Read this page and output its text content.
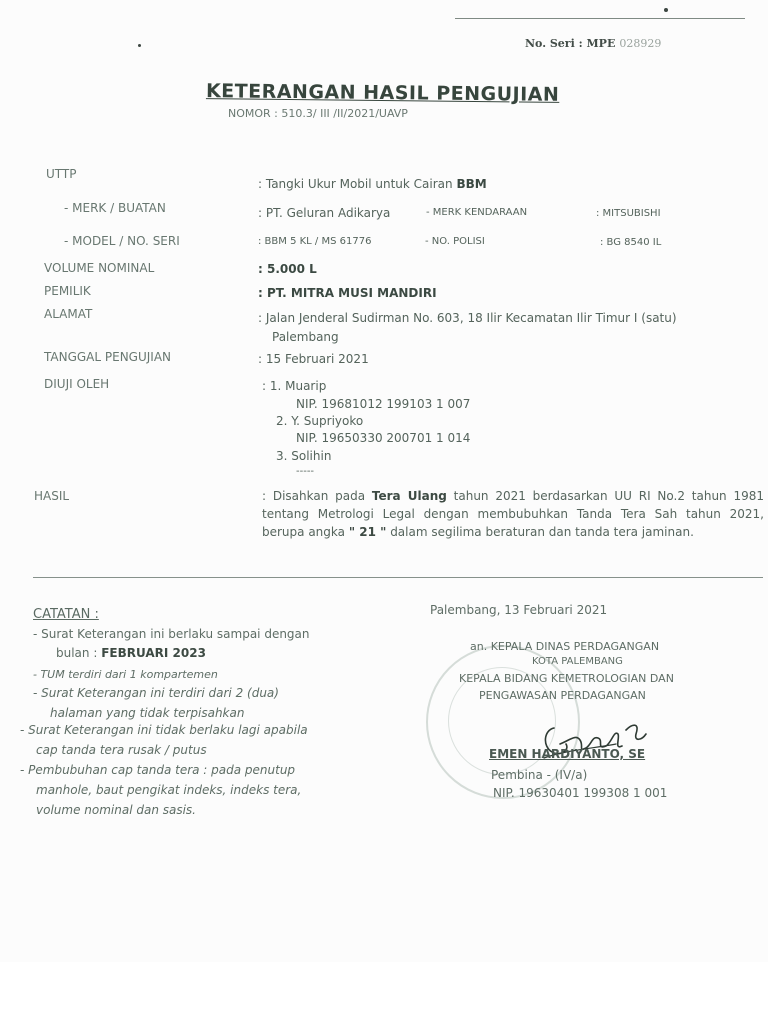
No. Seri : MPE 028929
KETERANGAN HASIL PENGUJIAN
NOMOR : 510.3/ III /II/2021/UAVP
UTTP
: Tangki Ukur Mobil untuk Cairan BBM
- MERK / BUATAN	: PT. Geluran Adikarya	- MERK KENDARAAN	: MITSUBISHI
- MODEL / NO. SERI	: BBM 5 KL / MS 61776	- NO. POLISI	: BG 8540 IL
VOLUME NOMINAL	: 5.000 L
PEMILIK	: PT. MITRA MUSI MANDIRI
ALAMAT	: Jalan Jenderal Sudirman No. 603, 18 Ilir Kecamatan Ilir Timur I (satu)
Palembang
TANGGAL PENGUJIAN	: 15 Februari 2021
DIUJI OLEH	: 1. Muarip
NIP. 19681012 199103 1 007
2. Y. Supriyoko
NIP. 19650330 200701 1 014
3. Solihin
-----
HASIL	: Disahkan pada Tera Ulang tahun 2021 berdasarkan UU RI No.2 tahun 1981 tentang Metrologi Legal dengan membubuhkan Tanda Tera Sah tahun 2021, berupa angka " 21 " dalam segilima beraturan dan tanda tera jaminan.
CATATAN :
- Surat Keterangan ini berlaku sampai dengan
bulan : FEBRUARI 2023
- TUM terdiri dari 1 kompartemen
- Surat Keterangan ini terdiri dari 2 (dua)
halaman yang tidak terpisahkan
- Surat Keterangan ini tidak berlaku lagi apabila
cap tanda tera rusak / putus
- Pembubuhan cap tanda tera : pada penutup
manhole, baut pengikat indeks, indeks tera,
volume nominal dan sasis.
Palembang, 13 Februari 2021
an. KEPALA DINAS PERDAGANGAN
KOTA PALEMBANG
KEPALA BIDANG KEMETROLOGIAN DAN
PENGAWASAN PERDAGANGAN
EMEN HARDIYANTO, SE
Pembina - (IV/a)
NIP. 19630401 199308 1 001
